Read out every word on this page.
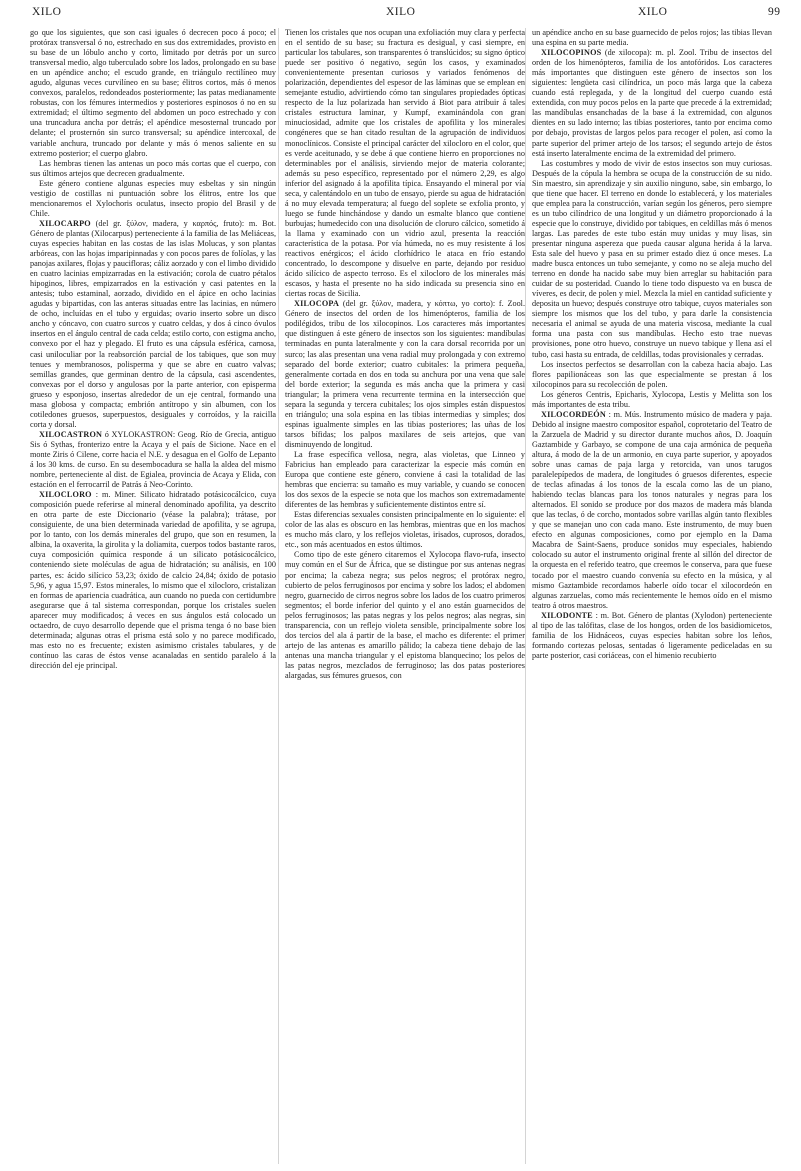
XILO	XILO	XILO	99

go que los siguientes, que son casi iguales ó decrecen poco á poco; el protórax transversal ó no, estrechado en sus dos extremidades, provisto en su base de un lóbulo ancho y corto, limitado por detrás por un surco transversal medio, algo tuberculado sobre los lados, prolongado en su base en un apéndice ancho; el escudo grande, en triángulo rectilíneo muy agudo, algunas veces curvilíneo en su base; élitros cortos, más ó menos convexos, paralelos, redondeados posteriormente; las patas medianamente robustas, con los fémures intermedios y posteriores espinosos ó no en su extremidad; el último segmento del abdomen un poco estrechado y con una truncadura ancha por detrás; el apéndice mesosternal truncado por delante; el prosternón sin surco transversal; su apéndice intercoxal, de variable anchura, truncado por delante y más ó menos saliente en su extremo posterior; el cuerpo glabro.

Las hembras tienen las antenas un poco más cortas que el cuerpo, con sus últimos artejos que decrecen gradualmente.

Este género contiene algunas especies muy esbeltas y sin ningún vestigio de costillas ni puntuación sobre los élitros, entre los que mencionaremos el Xylochoris oculatus, insecto propio del Brasil y de Chile.

XILOCARPO (del gr. ξύλον, madera, y καρπός, fruto): m. Bot. Género de plantas (Xilocarpus) perteneciente á la familia de las Meliáceas, cuyas especies habitan en las costas de las islas Molucas, y son plantas arbóreas, con las hojas imparipinnadas y con pocos pares de folíolas, y las panojas axilares, flojas y paucifloras; cáliz aorzado y con el limbo dividido en cuatro lacinias empizarradas en la estivación; corola de cuatro pétalos hipoginos, libres, empizarrados en la estivación y casi patentes en la antesis; tubo estaminal, aorzado, dividido en el ápice en ocho lacinias agudas y bipartidas, con las anteras situadas entre las lacinias, en número de ocho, incluídas en el tubo y erguidas; ovario inserto sobre un disco ancho y cóncavo, con cuatro surcos y cuatro celdas, y dos á cinco óvulos insertos en el ángulo central de cada celda; estilo corto, con estigma ancho, convexo por el haz y plegado. El fruto es una cápsula esférica, carnosa, casi uniloculiar por la reabsorción parcial de los tabiques, que son muy tenues y membranosos, polisperma y que se abre en cuatro valvas; semillas grandes, que germinan dentro de la cápsula, casi ascendentes, convexas por el dorso y angulosas por la parte anterior, con episperma grueso y esponjoso, insertas alrededor de un eje central, formando una masa globosa y compacta; embrión antítropo y sin albumen, con los cotiledones gruesos, superpuestos, desiguales y corroídos, y la raicilla corta y dorsal.

XILOCASTRON ó XYLOKASTRON: Geog. Río de Grecia, antiguo Sis ó Sythas, fronterizo entre la Acaya y el país de Sicione. Nace en el monte Ziris ó Cilene, corre hacia el N.E. y desagua en el Golfo de Lepanto á los 30 kms. de curso. En su desembocadura se halla la aldea del mismo nombre, perteneciente al dist. de Egialea, provincia de Acaya y Elida, con estación en el ferrocarril de Patrás á Neo-Corinto.

XILOCLORO : m. Miner. Silicato hidratado potásicocálcico, cuya composición puede referirse al mineral denominado apofilita, ya descrito en otra parte de este Diccionario (véase la palabra); trátase, por consiguiente, de una bien determinada variedad de apofilita, y se agrupa, por lo tanto, con los demás minerales del grupo, que son en resumen, la albina, la oxaverita, la girolita y la doliamita, cuerpos todos bastante raros, cuya composición química responde á un silicato potásicocálcico, conteniendo siete moléculas de agua de hidratación; su análisis, en 100 partes, es: ácido silícico 53,23; óxido de calcio 24,84; óxido de potasio 5,96, y agua 15,97. Estos minerales, lo mismo que el xilocloro, cristalizan en formas de apariencia cuadrática, aun cuando no pueda con certidumbre asegurarse que á tal sistema correspondan, porque los cristales suelen aparecer muy modificados; á veces en sus ángulos está colocado un octaedro, de cuyo desarrollo depende que el prisma tenga ó no base bien determinada; algunas otras el prisma está solo y no parece modificado, mas esto no es frecuente; existen asimismo cristales tabulares, y de contínuo las caras de éstos vense acanaladas en sentido paralelo á la dirección del eje principal.

Tienen los cristales que nos ocupan una exfoliación muy clara y perfecta en el sentido de su base; su fractura es desigual, y casi siempre, en particular los tabulares, son transparentes ó translúcidos; su signo óptico puede ser positivo ó negativo, según los casos, y examinados convenientemente presentan curiosos y variados fenómenos de polarización, dependientes del espesor de las láminas que se emplean en semejante estudio, advirtiendo cómo tan singulares propiedades ópticas respecto de la luz polarizada han servido á Biot para atribuir á tales cristales estructura laminar, y Kumpf, examinándola con gran minuciosidad, admite que los cristales de apofilita y los minerales congéneres que se han citado resultan de la agrupación de individuos monoclínicos. Consiste el principal carácter del xilocloro en el color, que es verde aceitunado, y se debe á que contiene hierro en proporciones no determinables por el análisis, sirviendo mejor de materia colorante; además su peso específico, representado por el número 2,29, es algo inferior del asignado á la apofilita típica. Ensayando el mineral por vía seca, y calentándolo en un tubo de ensayo, pierde su agua de hidratación á no muy elevada temperatura; al fuego del soplete se exfolia pronto, y luego se funde hinchándose y dando un esmalte blanco que contiene burbujas; humedecido con una disolución de cloruro cálcico, sometido á la llama y examinado con un vidrio azul, presenta la reacción característica de la potasa. Por vía húmeda, no es muy resistente á los reactivos enérgicos; el ácido clorhídrico le ataca en frío estando concentrado, lo descompone y disuelve en parte, dejando por residuo ácido silícico de aspecto terroso. Es el xilocloro de los minerales más escasos, y hasta el presente no ha sido indicada su presencia sino en ciertas rocas de Sicilia.

XILOCOPA (del gr. ξύλον, madera, y κόπτω, yo corto): f. Zool. Género de insectos del orden de los himenópteros, familia de los podilégidos, tribu de los xilocopinos. Los caracteres más importantes que distinguen á este género de insectos son los siguientes: mandíbulas terminadas en punta lateralmente y con la cara dorsal recorrida por un surco; las alas presentan una vena radial muy prolongada y con extremo separado del borde exterior; cuatro cubitales: la primera pequeña, generalmente cortada en dos en toda su anchura por una vena que sale del borde exterior; la segunda es más ancha que la primera y casi triangular; la primera vena recurrente termina en la intersección que separa la segunda y tercera cubitales; los ojos simples están dispuestos en triángulo; una sola espina en las tibias intermedias y simples; dos espinas igualmente simples en las tibias posteriores; las uñas de los tarsos bífidas; los palpos maxilares de seis artejos, que van disminuyendo de longitud.

La frase específica vellosa, negra, alas violetas, que Linneo y Fabricius han empleado para caracterizar la especie más común en Europa que contiene este género, conviene á casi la totalidad de las hembras que encierra: su tamaño es muy variable, y cuando se conocen los dos sexos de la especie se nota que los machos son extremadamente diferentes de las hembras y suficientemente distintos entre sí.

Estas diferencias sexuales consisten principalmente en lo siguiente: el color de las alas es obscuro en las hembras, mientras que en los machos es mucho más claro, y los reflejos violetas, irisados, cuprosos, dorados, etc., son más acentuados en estos últimos.

Como tipo de este género citaremos el Xylocopa flavo-rufa, insecto muy común en el Sur de África, que se distingue por sus antenas negras por encima; la cabeza negra; sus pelos negros; el protórax negro, cubierto de pelos ferruginosos por encima y sobre los lados; el abdomen negro, guarnecido de cirros negros sobre los lados de los cuatro primeros segmentos; el borde inferior del quinto y el ano están guarnecidos de pelos ferruginosos; las patas negras y los pelos negros; alas negras, sin transparencia, con un reflejo violeta sensible, principalmente sobre los dos tercios del ala á partir de la base, el macho es diferente: el primer artejo de las antenas es amarillo pálido; la cabeza tiene debajo de las antenas una mancha triangular y el epistoma blanquecino; los pelos de las patas negros, mezclados de ferruginoso; las dos patas posteriores alargadas, sus fémures gruesos, con

un apéndice ancho en su base guarnecido de pelos rojos; las tibias llevan una espina en su parte media.

XILOCOPINOS (de xilocopa): m. pl. Zool. Tribu de insectos del orden de los himenópteros, familia de los antofóridos. Los caracteres más importantes que distinguen este género de insectos son los siguientes: lengüeta casi cilíndrica, un poco más larga que la cabeza cuando está replegada, y de la longitud del cuerpo cuando está extendida, con muy pocos pelos en la parte que precede á la extremidad; las mandíbulas ensanchadas de la base á la extremidad, con algunos dientes en su lado interno; las tibias posteriores, tanto por encima como por debajo, provistas de largos pelos para recoger el polen, así como la parte superior del primer artejo de los tarsos; el segundo artejo de éstos está inserto lateralmente encima de la extremidad del primero.

Las costumbres y modo de vivir de estos insectos son muy curiosas. Después de la cópula la hembra se ocupa de la construcción de su nido. Sin maestro, sin aprendizaje y sin auxilio ninguno, sabe, sin embargo, lo que tiene que hacer. El terreno en donde lo establecerá, y los materiales que emplea para la construcción, varían según los géneros, pero siempre es un tubo cilíndrico de una longitud y un diámetro proporcionado á la especie que lo construye, dividido por tabiques, en celdillas más ó menos largas. Las paredes de este tubo están muy unidas y muy lisas, sin presentar ninguna aspereza que pueda causar alguna herida á la larva. Esta sale del huevo y pasa en su primer estado diez ú once meses. La madre busca entonces un tubo semejante, y como no se aleja mucho del terreno en donde ha nacido sabe muy bien arreglar su habitación para cuidar de su posteridad. Cuando lo tiene todo dispuesto va en busca de víveres, es decir, de polen y miel. Mezcla la miel en cantidad suficiente y deposita un huevo; después construye otro tabique, cuyos materiales son siempre los mismos que los del tubo, y para darle la consistencia necesaria el animal se ayuda de una materia viscosa, mediante la cual forma una pasta con sus mandíbulas. Hecho esto trae nuevas provisiones, pone otro huevo, construye un nuevo tabique y llena así el tubo, casi hasta su entrada, de celdillas, todas provisionales y cerradas.

Los insectos perfectos se desarrollan con la cabeza hacia abajo. Las flores papilionáceas son las que especialmente se prestan á los xilocopinos para su recolección de polen.

Los géneros Centris, Epicharis, Xylocopa, Lestis y Melitta son los más importantes de esta tribu.

XILOCORDEÓN : m. Mús. Instrumento músico de madera y paja. Debido al insigne maestro compositor español, coprotetario del Teatro de la Zarzuela de Madrid y su director durante muchos años, D. Joaquín Gaztambide y Garbayo, se compone de una caja armónica de pequeña altura, á modo de la de un armonio, en cuya parte superior, y apoyados sobre unas camas de paja larga y retorcida, van unos tarugos paralelepípedos de madera, de longitudes ó gruesos diferentes, especie de teclas afinadas á los tonos de la escala como las de un piano, habiendo teclas blancas para los tonos naturales y negras para los alternados. El sonido se produce por dos mazos de madera más blanda que las teclas, ó de corcho, montados sobre varillas algún tanto flexibles y que se manejan uno con cada mano. Este instrumento, de muy buen efecto en algunas composiciones, como por ejemplo en la Dama Macabra de Saint-Saens, produce sonidos muy especiales, habiendo colocado su autor el instrumento original frente al sillón del director de la orquesta en el referido teatro, que creemos le conserva, para que fuese tocado por el maestro cuando convenía su efecto en la música, y al mismo Gaztambide recordamos haberle oído tocar el xilocordeón en algunas zarzuelas, como más recientemente le hemos oído en el mismo teatro á otros maestros.

XILODONTE : m. Bot. Género de plantas (Xylodon) perteneciente al tipo de las talófitas, clase de los hongos, orden de los basidiomicetos, familia de los Hidnáceos, cuyas especies habitan sobre los leños, formando cortezas pelosas, sentadas ó ligeramente pediceladas en su parte posterior, casi coriáceas, con el himenio recubierto
